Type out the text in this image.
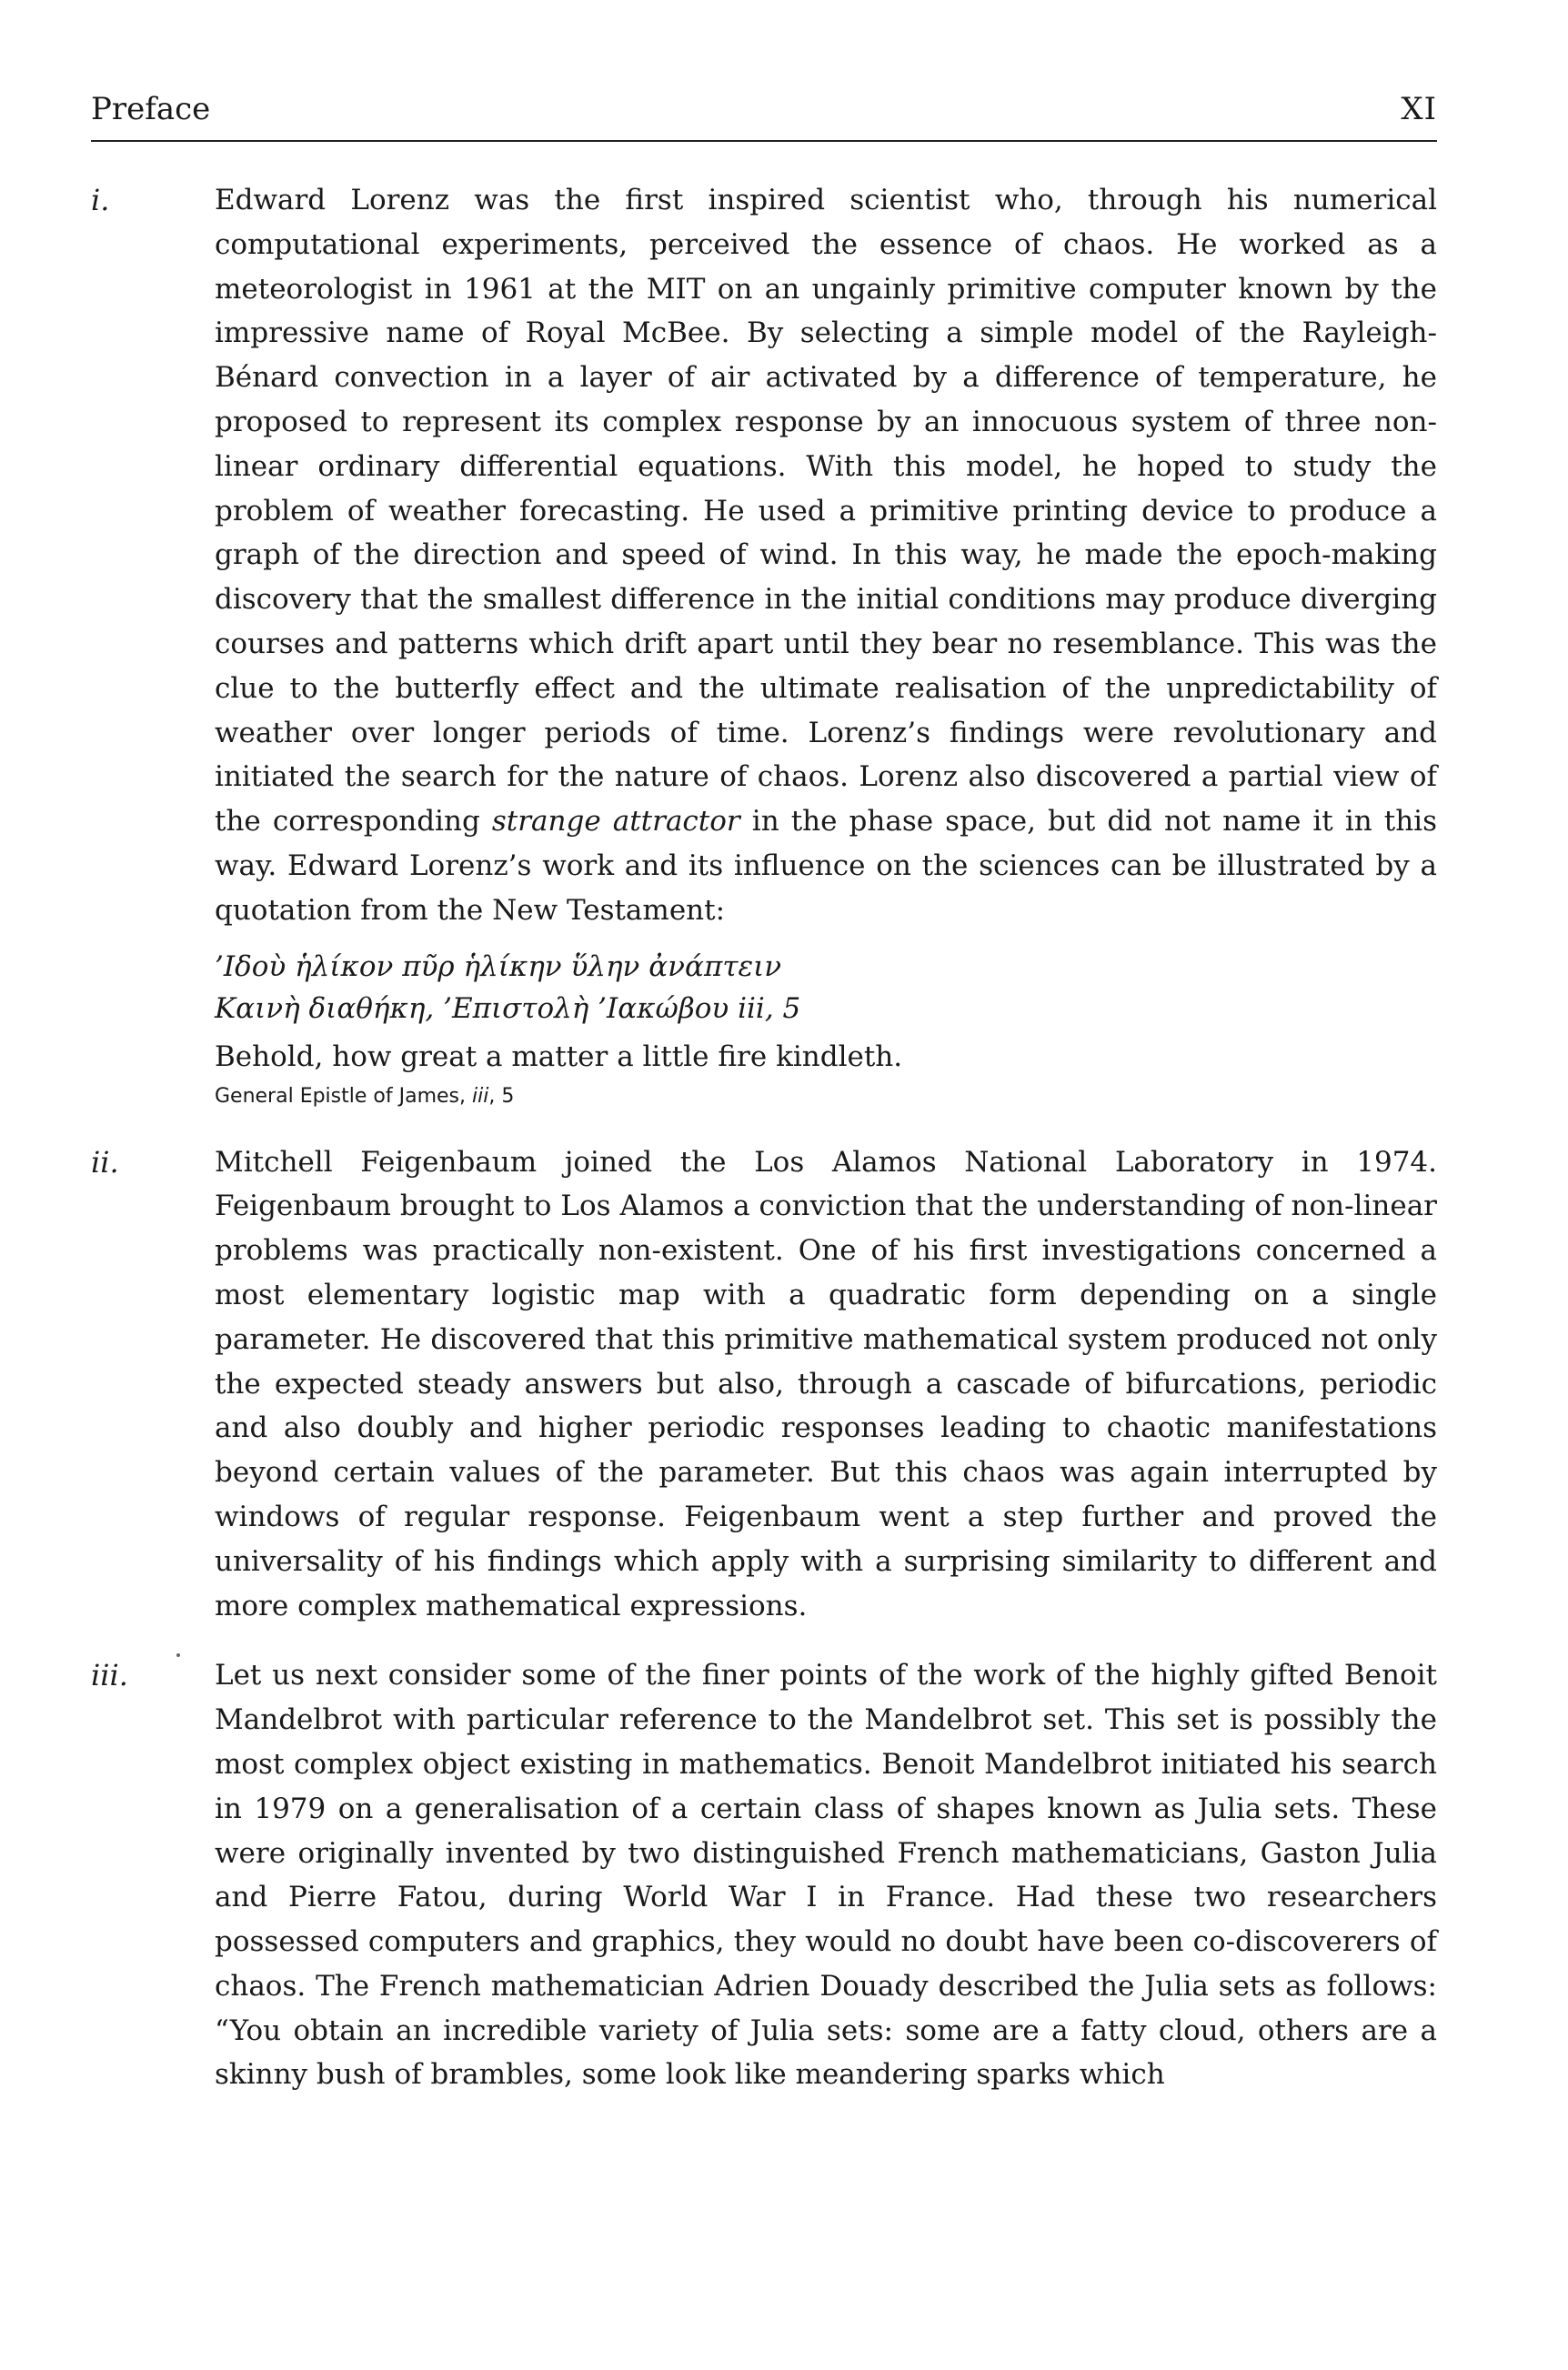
Preface	XI
i.	Edward Lorenz was the first inspired scientist who, through his numerical computational experiments, perceived the essence of chaos. He worked as a meteorologist in 1961 at the MIT on an ungainly primitive computer known by the impressive name of Royal McBee. By selecting a simple model of the Rayleigh-Bénard convection in a layer of air activated by a difference of temperature, he proposed to represent its complex response by an innocuous system of three non-linear ordinary differential equations. With this model, he hoped to study the problem of weather forecasting. He used a primitive printing device to produce a graph of the direction and speed of wind. In this way, he made the epoch-making discovery that the smallest difference in the initial conditions may produce diverging courses and patterns which drift apart until they bear no resemblance. This was the clue to the butterfly effect and the ultimate realisation of the unpredictability of weather over longer periods of time. Lorenz’s findings were revolutionary and initiated the search for the nature of chaos. Lorenz also discovered a partial view of the corresponding strange attractor in the phase space, but did not name it in this way. Edward Lorenz’s work and its influence on the sciences can be illustrated by a quotation from the New Testament:

’Ιδοὺ ἡλίκον πῦρ ἡλίκην ὕλην ἀνάπτειν
Καινὴ διαθήκη, ’Επιστολὴ ’Ιακώβου iii, 5
Behold, how great a matter a little fire kindleth.
General Epistle of James, iii, 5
ii.	Mitchell Feigenbaum joined the Los Alamos National Laboratory in 1974. Feigenbaum brought to Los Alamos a conviction that the understanding of non-linear problems was practically non-existent. One of his first investigations concerned a most elementary logistic map with a quadratic form depending on a single parameter. He discovered that this primitive mathematical system produced not only the expected steady answers but also, through a cascade of bifurcations, periodic and also doubly and higher periodic responses leading to chaotic manifestations beyond certain values of the parameter. But this chaos was again interrupted by windows of regular response. Feigenbaum went a step further and proved the universality of his findings which apply with a surprising similarity to different and more complex mathematical expressions.

iii.	Let us next consider some of the finer points of the work of the highly gifted Benoit Mandelbrot with particular reference to the Mandelbrot set. This set is possibly the most complex object existing in mathematics. Benoit Mandelbrot initiated his search in 1979 on a generalisation of a certain class of shapes known as Julia sets. These were originally invented by two distinguished French mathematicians, Gaston Julia and Pierre Fatou, during World War I in France. Had these two researchers possessed computers and graphics, they would no doubt have been co-discoverers of chaos. The French mathematician Adrien Douady described the Julia sets as follows: “You obtain an incredible variety of Julia sets: some are a fatty cloud, others are a skinny bush of brambles, some look like meandering sparks which
